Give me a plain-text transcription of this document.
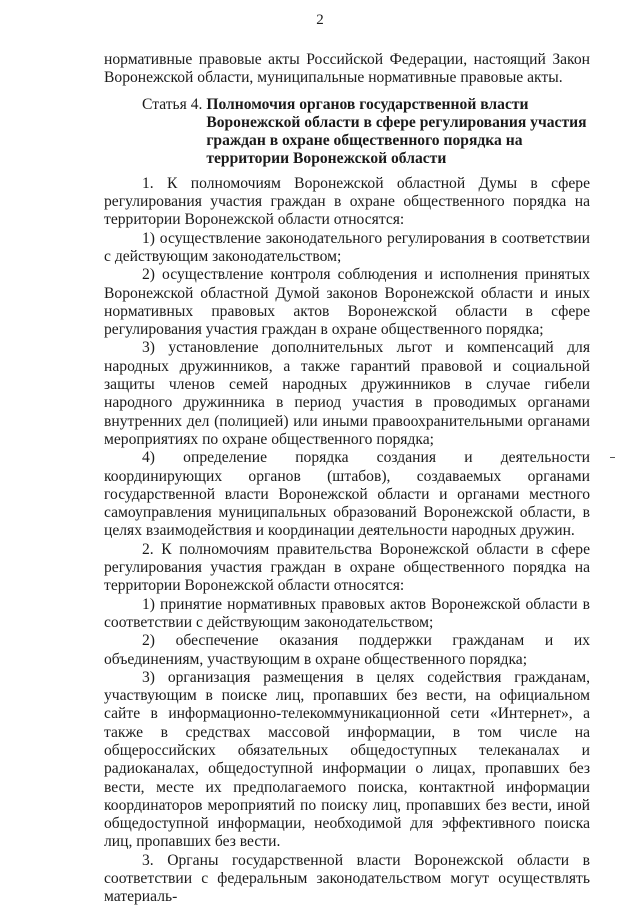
2

нормативные правовые акты Российской Федерации, настоящий Закон Воронежской области, муниципальные нормативные правовые акты.

Статья 4. Полномочия органов государственной власти Воронежской области в сфере регулирования участия граждан в охране общественного порядка на территории Воронежской области

1. К полномочиям Воронежской областной Думы в сфере регулирования участия граждан в охране общественного порядка на территории Воронежской области относятся:

1) осуществление законодательного регулирования в соответствии с действующим законодательством;

2) осуществление контроля соблюдения и исполнения принятых Воронежской областной Думой законов Воронежской области и иных нормативных правовых актов Воронежской области в сфере регулирования участия граждан в охране общественного порядка;

3) установление дополнительных льгот и компенсаций для народных дружинников, а также гарантий правовой и социальной защиты членов семей народных дружинников в случае гибели народного дружинника в период участия в проводимых органами внутренних дел (полицией) или иными правоохранительными органами мероприятиях по охране общественного порядка;

4) определение порядка создания и деятельности координирующих органов (штабов), создаваемых органами государственной власти Воронежской области и органами местного самоуправления муниципальных образований Воронежской области, в целях взаимодействия и координации деятельности народных дружин.

2. К полномочиям правительства Воронежской области в сфере регулирования участия граждан в охране общественного порядка на территории Воронежской области относятся:

1) принятие нормативных правовых актов Воронежской области в соответствии с действующим законодательством;

2) обеспечение оказания поддержки гражданам и их объединениям, участвующим в охране общественного порядка;

3) организация размещения в целях содействия гражданам, участвующим в поиске лиц, пропавших без вести, на официальном сайте в информационно-телекоммуникационной сети «Интернет», а также в средствах массовой информации, в том числе на общероссийских обязательных общедоступных телеканалах и радиоканалах, общедоступной информации о лицах, пропавших без вести, месте их предполагаемого поиска, контактной информации координаторов мероприятий по поиску лиц, пропавших без вести, иной общедоступной информации, необходимой для эффективного поиска лиц, пропавших без вести.

3. Органы государственной власти Воронежской области в соответствии с федеральным законодательством могут осуществлять материаль-
